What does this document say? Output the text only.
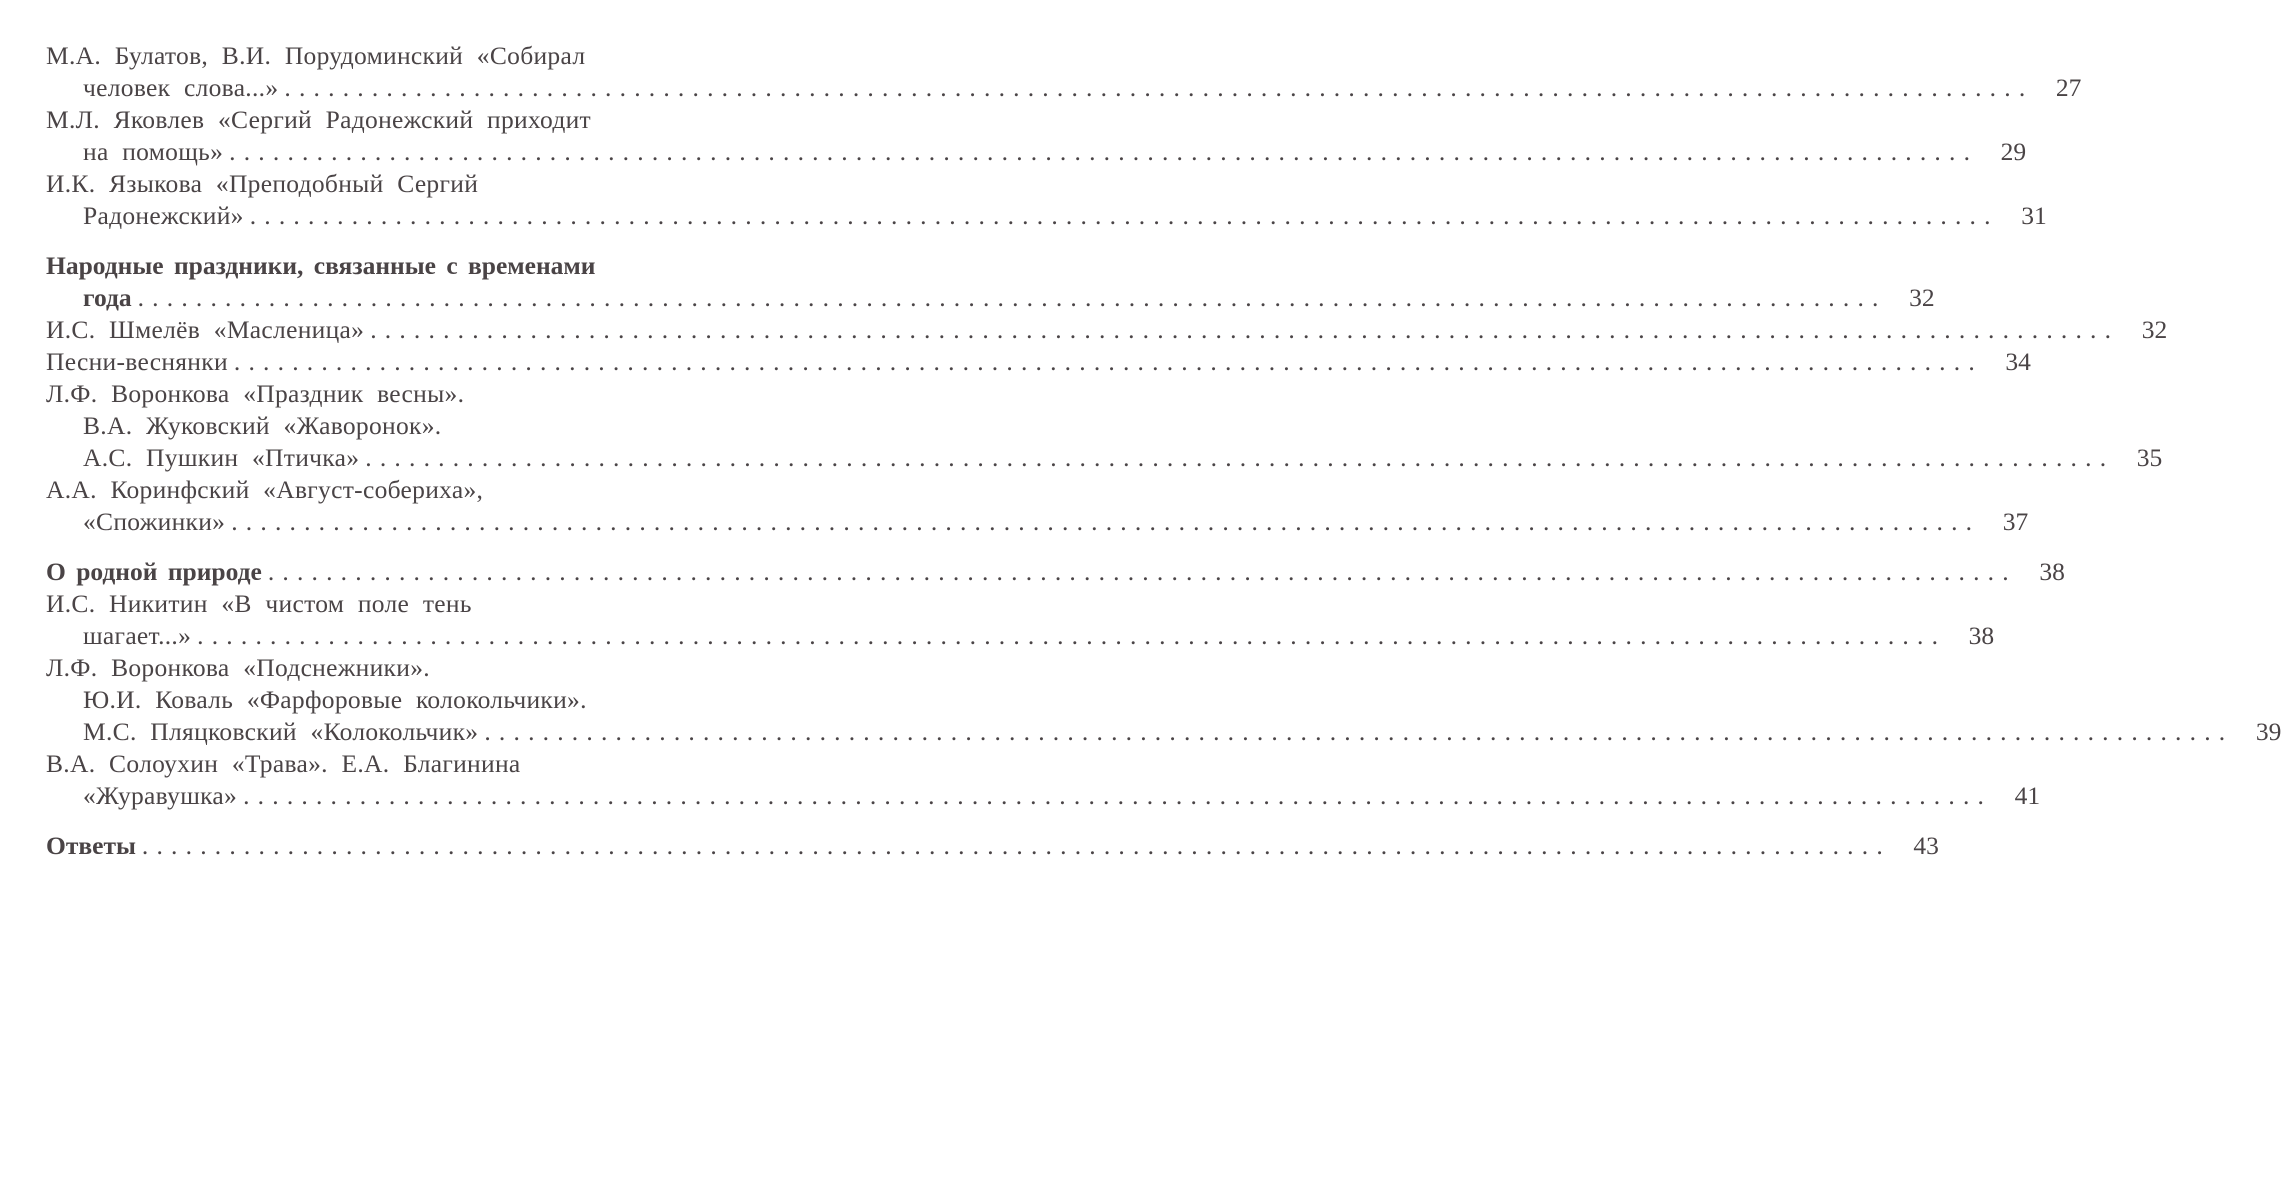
М.А. Булатов, В.И. Порудоминский «Собирал
человек слова...» ........................................................................................................................ 27
М.Л. Яковлев «Сергий Радонежский приходит
на помощь» ........................................................................................................................ 29
И.К. Языкова «Преподобный Сергий
Радонежский» ........................................................................................................................ 31
Народные праздники, связанные с временами
года ........................................................................................................................ 32
И.С. Шмелёв «Масленица» ........................................................................................................................ 32
Песни-веснянки ........................................................................................................................ 34
Л.Ф. Воронкова «Праздник весны».
В.А. Жуковский «Жаворонок».
А.С. Пушкин «Птичка» ........................................................................................................................ 35
А.А. Коринфский «Август-собериха»,
«Спожинки» ........................................................................................................................ 37
О родной природе ........................................................................................................................ 38
И.С. Никитин «В чистом поле тень
шагает...» ........................................................................................................................ 38
Л.Ф. Воронкова «Подснежники».
Ю.И. Коваль «Фарфоровые колокольчики».
М.С. Пляцковский «Колокольчик» ........................................................................................................................ 39
В.А. Солоухин «Трава». Е.А. Благинина
«Журавушка» ........................................................................................................................ 41
Ответы ........................................................................................................................ 43
